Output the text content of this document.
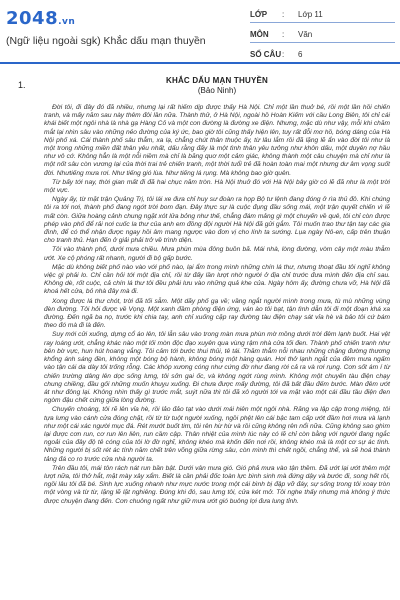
2048.vn
(Ngữ liệu ngoài sgk) Khắc dấu mạn thuyền
LỚP	:	Lớp 11
MÔN	:	Văn
SỐ CÂU :	6
1.	KHẮC DẤU MẠN THUYỀN
(Bảo Ninh)

Đời tôi, đi đây đó đã nhiều, nhưng lại rất hiếm dịp được thấy Hà Nội. Chỉ một lần thuở bé, rồi một lần hồi chiến tranh, và mấy năm sau này thêm đôi lần nữa. Thành thử, ở Hà Nội, ngoài hồ Hoàn Kiếm với cầu Long Biên, tôi chỉ cái khái biết một ngôi nhà là nhà gạ Hàng Cỏ và một con đường là đường xe điện. Nhưng, mặc dù như vậy, mỗi khi chăm mắt lại nhìn sâu vào những nẻo đường của ký ức, bao giờ tôi cũng thấy hiện lên, tuy rất đỗi mơ hồ, bóng dáng của Hà Nội phố xá. Cái thành phố sâu thẳm, xa lạ, chẳng chút thân thuộc ấy, từ lâu lắm rồi đã lặng lẽ ẩn vào đời tôi như là một trong những miền đất thân yêu nhất, dấu rằng đấy là một tình thân yêu tưởng như khôn dấu, một duyên nợ hầu như vô cớ. Không hẳn là một nỗi niềm mà chỉ là băng quơ một cảm giác, không thành một câu chuyện mà chỉ như là một nốt sâu còn vương lại của thời trai trẻ chiến tranh, một thời tuổi trẻ đã hoàn toàn mai một nhưng dư âm vọng suốt đời. Nhưtiếng mưa rơi. Như tiếng gió lùa. Như tiếng lá rụng. Mà không bao giờ quên.

Từ bấy tới nay, thời gian mất đi đã hai chục năm tròn. Hà Nội thuở đó với Hà Nội bây giờ có lẽ đã như là một trời một vực.

Ngày ấy, từ mặt trận Quảng Trị, tôi lái xe đưa chỉ huy sư đoàn ra họp Bộ tư lệnh đang đóng ở rìa thủ đô. Khi chúng tôi ra tới nơi, thành phố đang ngớt trời bom đạn. Đây thực sự là cuộc đụng đầu sống mái, một trận quyết chiến vì lẽ mất còn. Giữa hoàng cảnh chung ngặt xót lửa bỏng như thế, chẳng đám mảng gì một chuyến về quê, tôi chỉ còn được phép vào phố để rải nơi cuốc la thư của anh em đồng đội người Hà Nội đã gửi gắm. Tôi muốn trao thư tận tay các gia đình, để có thể nhận được ngay hồi âm mang ngược vào đơn vị cho lính ta sướng. Lụa ngày Nô-en, cấp trên thuận cho tranh thủ. Hạn đến ở giải phải trở về trình diện.

Tôi vào thành phố, dưới mưa chiều. Mưa phùn mùa đông buồn bã. Mái nhà, lòng đường, vòm cây một màu thẫm ướt. Xe cộ phóng rất nhanh, người đi bộ gấp bước.

Mặc dù không biết phố nào vào với phố nào, lại ẩm trong mình những chín lá thư, nhưng thoạt đầu tôi nghĩ không việc gì phải lo. Chỉ cần hỏi tới một địa chỉ, rồi từ đấy lần lượt nhờ người ở địa chỉ trước đưa mình đến địa chỉ sau. Không dè, rốt cuộc, cả chín lá thư tôi đều phải lưu vào những quả khe của. Ngày hôm ấy, đường chưa vỡ, Hà Nội đã khoá hết cửa, bỏ nhà đây mà đi.

Xong được lá thư chót, trời đã tối sẫm. Một dãy phố gạ về; vầng ngắt người mình trong mưa, tù mù những vùng đèn đường. Tôi hỏi được về Vọng. Một xanh đầm phòng điện ứng, ván ào tôi bạt, tận tình dẫn tôi đi một đoạn khá xa đường. Đến ngã ba nọ, trước khi chia tay, anh chỉ xuống cặp ray đường tàu điện chạy sát vỉa hè và bảo tôi cứ bám theo đó mà đi là đến.

Suy mới cửi xuống, dựng cổ áo lên, tôi lẫn sâu vào trong màn mưa phùn mờ mồng dưới trời đêm lạnh buốt. Hai vệt ray loáng ướt, chẳng khác nào một lối mòn độc đạo xuyên qua vùng rậm nhà cửa tối đen. Thành phố chiến tranh như bên bờ vực, hun hút hoang vắng. Tôi cảm tới bước thui thủi, tê tái. Thăm thẳm nỗi nhau những chặng đường thương khổng ánh sáng đèn, không một bóng bộ hành, không bóng một hàng quán. Hơi thở lạnh ngắt của đêm mưa ngấm vào tận cái da dày tôi trống rỗng. Các khóp xương cóng như cứng đờ như đang rời cả ra và rơi rụng. Cơn sốt ám í từ chiến trường dâng lên dọc sống lưng, tôi sởn gai ốc, và không ngớt rùng mình. Không một chuyến tàu điện chạy chung chiềng, đầu gối những muốn khuỵu xuống. Đi chưa được mấy đường, tôi đã bất đầu đếm bước. Màn đêm ướt át như đông lại. Không nhìn thấy gì trước mắt, suýt nữa thì tôi đã xô người tới va mặt vào một cái đầu tầu điện đen ngòm đậu chết cứng giữa lòng đường.

Chuyến choáng, tôi rẽ lên vỉa hè, rồi lảo đảo tạt vào dưới mái hiên một ngôi nhà. Răng va lập cập trong miệng, tôi tựa lưng vào cánh cửa đóng chặt, rồi từ từ tuột người xuống, ngồi phệt lên cái bậc tam cấp ướt đầm hơi mưa và lạnh như một cái xác người mục đá. Rét mướt buốt tim, tôi rên hừ hừ và rồi cũng không rên nổi nữa. Cũng không sao ghìm lại được cơn run, cơ run lên liên, run cầm cập. Thân nhiệt của mình lúc này có lẽ chỉ còn bằng với người đang ngắc ngoải của đây độ tê cóng của tôi lờ đờ nghĩ, không khéo mà khốn đến nơi rồi, không khéo mà là một cơ sự ác tình. Những người bị sốt rét ác tính năm chết trên võng giữa rừng sâu, còn mình thì chết ngồi, chẳng thể, và sẽ hoá thành tảng đá co ro trước cửa nhà người ta.

Trên đầu tôi, mái tôn rách nát run bần bật. Dưới vân mưa gió. Gió phả mưa vào tận thềm. Đã ướt lại ướt thêm một lượt nữa, tôi thở hắt, mặt mày xây xẩm. Biết là cần phải đốc toàn lực bình sinh mà đứng dậy và bước đi, song hết rồi, ngồi lâu tôi đã bé. Sinh lực xuống nhanh như mực nước trong một cái bình bị đập vỡ đáy, sự sống trong tôi xoay tròn một vòng và từ từ, lặng lẽ lặt nghiêng. Đúng khi đó, sau lưng tôi, cửa két mở. Tôi nghe thấy nhưng mà không ý thức được chuyện đang đến. Cơn chuông ngất như giữ mưa ướt gió buông lợi đưa lung tỉnh.
